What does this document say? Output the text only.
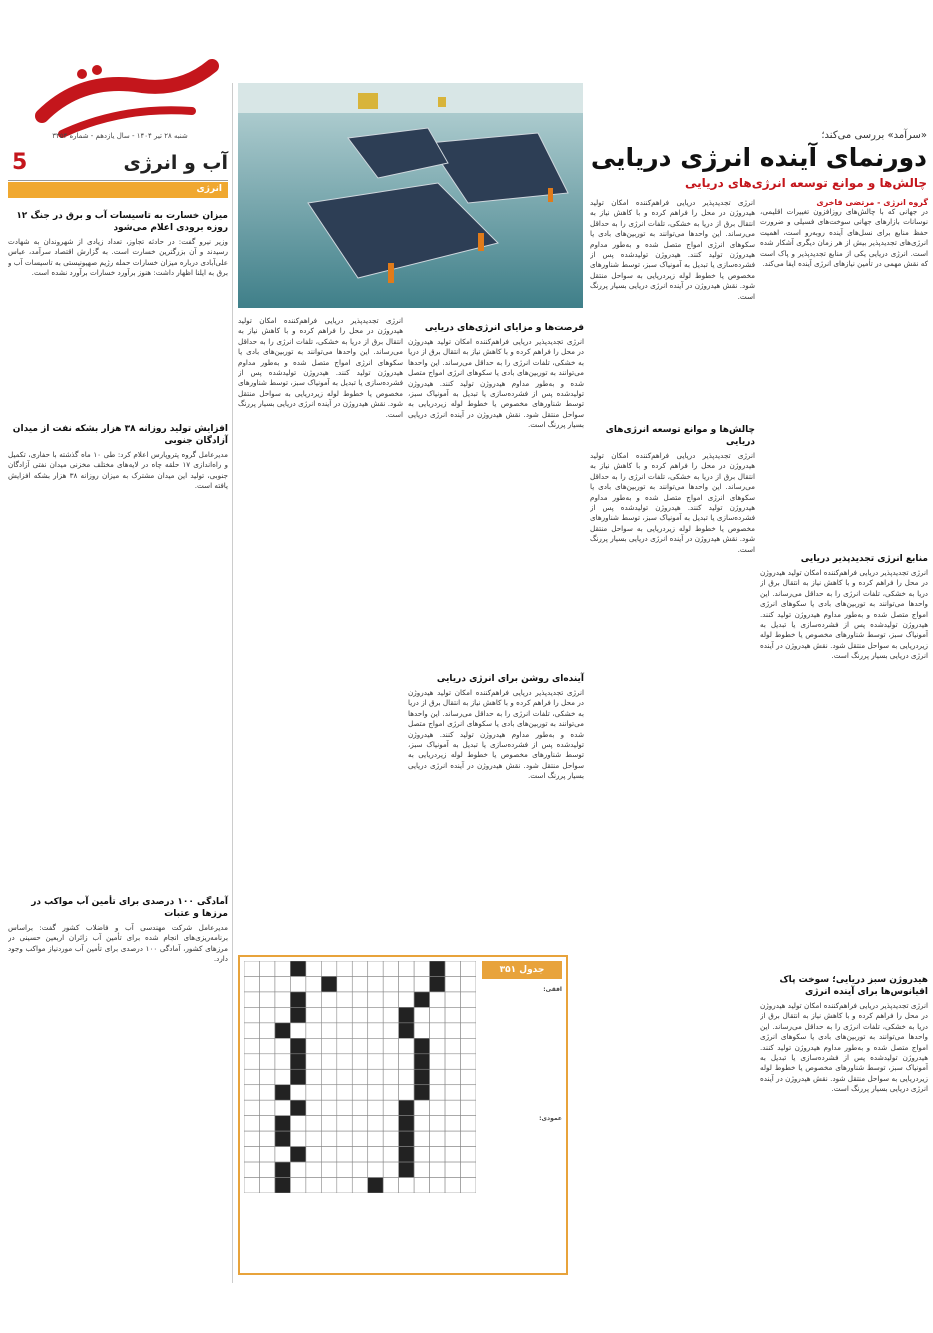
شنبه ۲۸ تیر ۱۴۰۴ - سال یازدهم - شماره ۳۳۵۴
آب و انرژی
5
انرژی
میزان خسارت به تاسیسات آب و برق در جنگ ۱۲ روزه برودی اعلام می‌شود

وزیر نیرو گفت: در حادثه تجاوز، تعداد زیادی از شهروندان به شهادت رسیدند و آن بزرگترین خسارت است. به گزارش اقتصاد سرآمد، عباس علی‌آبادی درباره میزان خسارات حمله رژیم صهیونیستی به تاسیسات آب و برق به ایلنا اظهار داشت: هنوز برآورد خسارات برآورد نشده است.

افزایش تولید روزانه ۳۸ هزار بشکه نفت از میدان آزادگان جنوبی

مدیرعامل گروه پتروپارس اعلام کرد: طی ۱۰ ماه گذشته با حفاری، تکمیل و راه‌اندازی ۱۷ حلقه چاه در لایه‌های مختلف مخزنی میدان نفتی آزادگان جنوبی، تولید این میدان مشترک به میزان روزانه ۳۸ هزار بشکه افزایش یافته است.

آمادگی ۱۰۰ درصدی برای تأمین آب مواکب در مرزها و عتبات

مدیرعامل شرکت مهندسی آب و فاضلاب کشور گفت: براساس برنامه‌ریزی‌های انجام شده برای تأمین آب زائران اربعین حسینی در مرزهای کشور، آمادگی ۱۰۰ درصدی برای تأمین آب موردنیاز مواکب وجود دارد.

«سرآمد» بررسی می‌کند؛
دورنمای آینده انرژی دریایی
چالش‌ها و موانع توسعه انرژی‌های دریایی
گروه انرژی - مرتضی فاخری

در جهانی که با چالش‌های روزافزون تغییرات اقلیمی، نوسانات بازارهای جهانی سوخت‌های فسیلی و ضرورت حفظ منابع برای نسل‌های آینده روبه‌رو است، اهمیت انرژی‌های تجدیدپذیر بیش از هر زمان دیگری آشکار شده است. انرژی دریایی یکی از منابع تجدیدپذیر و پاک است که نقش مهمی در تأمین نیازهای انرژی آینده ایفا می‌کند.

منابع انرژی تجدیدپذیر دریایی

انرژی تجدیدپذیر دریایی فراهم‌کننده امکان تولید هیدروژن در محل را فراهم کرده و با کاهش نیاز به انتقال برق از دریا به خشکی، تلفات انرژی را به حداقل می‌رساند. این واحدها می‌توانند به توربین‌های بادی یا سکوهای انرژی امواج متصل شده و به‌طور مداوم هیدروژن تولید کنند. هیدروژن تولیدشده پس از فشرده‌سازی یا تبدیل به آمونیاک سبز، توسط شناورهای مخصوص یا خطوط لوله زیردریایی به سواحل منتقل شود. نقش هیدروژن در آینده انرژی دریایی بسیار پررنگ است.

هیدروژن سبز دریایی؛ سوخت پاک اقیانوس‌ها برای آینده انرژی

انرژی تجدیدپذیر دریایی فراهم‌کننده امکان تولید هیدروژن در محل را فراهم کرده و با کاهش نیاز به انتقال برق از دریا به خشکی، تلفات انرژی را به حداقل می‌رساند. این واحدها می‌توانند به توربین‌های بادی یا سکوهای انرژی امواج متصل شده و به‌طور مداوم هیدروژن تولید کنند. هیدروژن تولیدشده پس از فشرده‌سازی یا تبدیل به آمونیاک سبز، توسط شناورهای مخصوص یا خطوط لوله زیردریایی به سواحل منتقل شود. نقش هیدروژن در آینده انرژی دریایی بسیار پررنگ است.

انرژی تجدیدپذیر دریایی فراهم‌کننده امکان تولید هیدروژن در محل را فراهم کرده و با کاهش نیاز به انتقال برق از دریا به خشکی، تلفات انرژی را به حداقل می‌رساند. این واحدها می‌توانند به توربین‌های بادی یا سکوهای انرژی امواج متصل شده و به‌طور مداوم هیدروژن تولید کنند. هیدروژن تولیدشده پس از فشرده‌سازی یا تبدیل به آمونیاک سبز، توسط شناورهای مخصوص یا خطوط لوله زیردریایی به سواحل منتقل شود. نقش هیدروژن در آینده انرژی دریایی بسیار پررنگ است.

چالش‌ها و موانع توسعه انرژی‌های دریایی

انرژی تجدیدپذیر دریایی فراهم‌کننده امکان تولید هیدروژن در محل را فراهم کرده و با کاهش نیاز به انتقال برق از دریا به خشکی، تلفات انرژی را به حداقل می‌رساند. این واحدها می‌توانند به توربین‌های بادی یا سکوهای انرژی امواج متصل شده و به‌طور مداوم هیدروژن تولید کنند. هیدروژن تولیدشده پس از فشرده‌سازی یا تبدیل به آمونیاک سبز، توسط شناورهای مخصوص یا خطوط لوله زیردریایی به سواحل منتقل شود. نقش هیدروژن در آینده انرژی دریایی بسیار پررنگ است.

فرصت‌ها و مزایای انرژی‌های دریایی

انرژی تجدیدپذیر دریایی فراهم‌کننده امکان تولید هیدروژن در محل را فراهم کرده و با کاهش نیاز به انتقال برق از دریا به خشکی، تلفات انرژی را به حداقل می‌رساند. این واحدها می‌توانند به توربین‌های بادی یا سکوهای انرژی امواج متصل شده و به‌طور مداوم هیدروژن تولید کنند. هیدروژن تولیدشده پس از فشرده‌سازی یا تبدیل به آمونیاک سبز، توسط شناورهای مخصوص یا خطوط لوله زیردریایی به سواحل منتقل شود. نقش هیدروژن در آینده انرژی دریایی بسیار پررنگ است.

آینده‌ای روشن برای انرژی دریایی

انرژی تجدیدپذیر دریایی فراهم‌کننده امکان تولید هیدروژن در محل را فراهم کرده و با کاهش نیاز به انتقال برق از دریا به خشکی، تلفات انرژی را به حداقل می‌رساند. این واحدها می‌توانند به توربین‌های بادی یا سکوهای انرژی امواج متصل شده و به‌طور مداوم هیدروژن تولید کنند. هیدروژن تولیدشده پس از فشرده‌سازی یا تبدیل به آمونیاک سبز، توسط شناورهای مخصوص یا خطوط لوله زیردریایی به سواحل منتقل شود. نقش هیدروژن در آینده انرژی دریایی بسیار پررنگ است.

انرژی تجدیدپذیر دریایی فراهم‌کننده امکان تولید هیدروژن در محل را فراهم کرده و با کاهش نیاز به انتقال برق از دریا به خشکی، تلفات انرژی را به حداقل می‌رساند. این واحدها می‌توانند به توربین‌های بادی یا سکوهای انرژی امواج متصل شده و به‌طور مداوم هیدروژن تولید کنند. هیدروژن تولیدشده پس از فشرده‌سازی یا تبدیل به آمونیاک سبز، توسط شناورهای مخصوص یا خطوط لوله زیردریایی به سواحل منتقل شود. نقش هیدروژن در آینده انرژی دریایی بسیار پررنگ است.

جدول ۳۵۱
افقی:
عمودی:
